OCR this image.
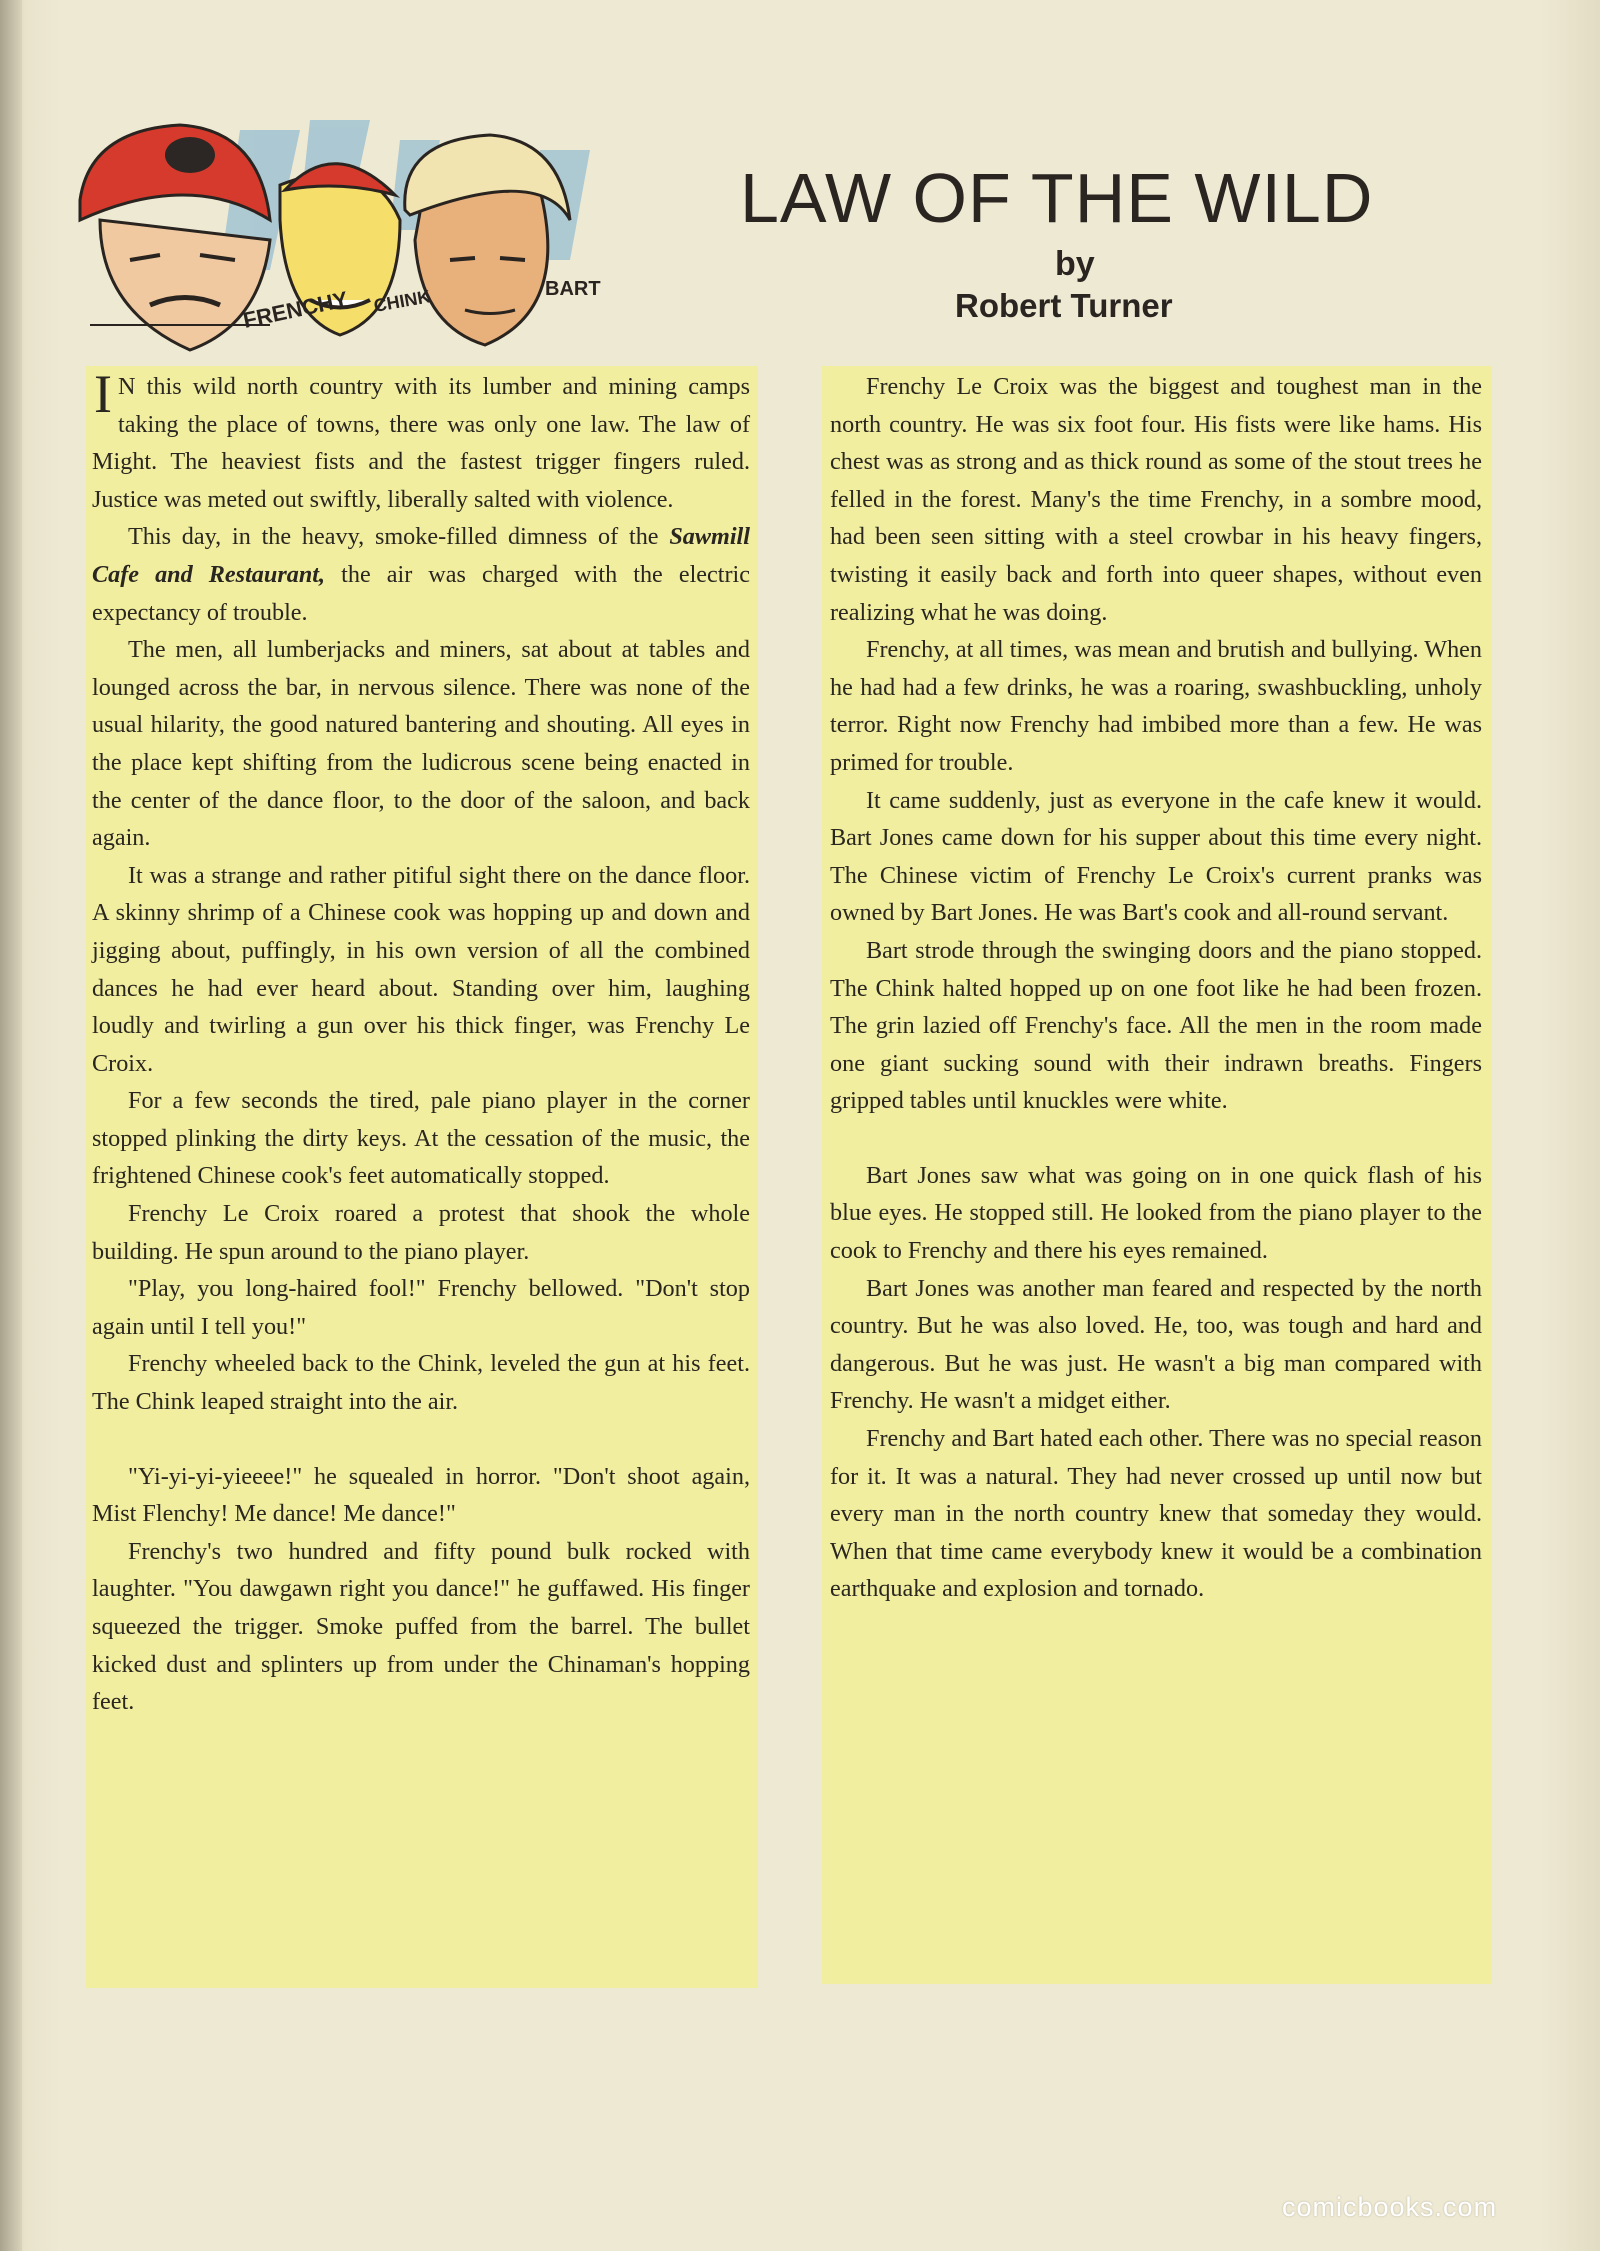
FRENCHY CHINK	BART
LAW OF THE WILD
by
Robert Turner

I N this wild north country with its lumber and mining camps taking the place of towns, there was only one law. The law of Might. The heaviest fists and the fastest trigger fingers ruled. Justice was meted out swiftly, liberally salted with violence.

This day, in the heavy, smoke-filled dimness of the Sawmill Cafe and Restaurant, the air was charged with the electric expectancy of trouble.

The men, all lumberjacks and miners, sat about at tables and lounged across the bar, in nervous silence. There was none of the usual hilarity, the good natured bantering and shouting. All eyes in the place kept shifting from the ludicrous scene being enacted in the center of the dance floor, to the door of the saloon, and back again.

It was a strange and rather pitiful sight there on the dance floor. A skinny shrimp of a Chinese cook was hopping up and down and jigging about, puffingly, in his own version of all the combined dances he had ever heard about. Standing over him, laughing loudly and twirling a gun over his thick finger, was Frenchy Le Croix.

For a few seconds the tired, pale piano player in the corner stopped plinking the dirty keys. At the cessation of the music, the frightened Chinese cook's feet automatically stopped.

Frenchy Le Croix roared a protest that shook the whole building. He spun around to the piano player.

"Play, you long-haired fool!" Frenchy bellowed. "Don't stop again until I tell you!"

Frenchy wheeled back to the Chink, leveled the gun at his feet. The Chink leaped straight into the air.

"Yi-yi-yi-yieeee!" he squealed in horror. "Don't shoot again, Mist Flenchy! Me dance! Me dance!"

Frenchy's two hundred and fifty pound bulk rocked with laughter. "You dawgawn right you dance!" he guffawed. His finger squeezed the trigger. Smoke puffed from the barrel. The bullet kicked dust and splinters up from under the Chinaman's hopping feet.

Frenchy Le Croix was the biggest and toughest man in the north country. He was six foot four. His fists were like hams. His chest was as strong and as thick round as some of the stout trees he felled in the forest. Many's the time Frenchy, in a sombre mood, had been seen sitting with a steel crowbar in his heavy fingers, twisting it easily back and forth into queer shapes, without even realizing what he was doing.

Frenchy, at all times, was mean and brutish and bullying. When he had had a few drinks, he was a roaring, swashbuckling, unholy terror. Right now Frenchy had imbibed more than a few. He was primed for trouble.

It came suddenly, just as everyone in the cafe knew it would. Bart Jones came down for his supper about this time every night. The Chinese victim of Frenchy Le Croix's current pranks was owned by Bart Jones. He was Bart's cook and all-round servant.

Bart strode through the swinging doors and the piano stopped. The Chink halted hopped up on one foot like he had been frozen. The grin lazied off Frenchy's face. All the men in the room made one giant sucking sound with their indrawn breaths. Fingers gripped tables until knuckles were white.

Bart Jones saw what was going on in one quick flash of his blue eyes. He stopped still. He looked from the piano player to the cook to Frenchy and there his eyes remained.

Bart Jones was another man feared and respected by the north country. But he was also loved. He, too, was tough and hard and dangerous. But he was just. He wasn't a big man compared with Frenchy. He wasn't a midget either.

Frenchy and Bart hated each other. There was no special reason for it. It was a natural. They had never crossed up until now but every man in the north country knew that someday they would. When that time came everybody knew it would be a combination earthquake and explosion and tornado.

comicbooks.com
